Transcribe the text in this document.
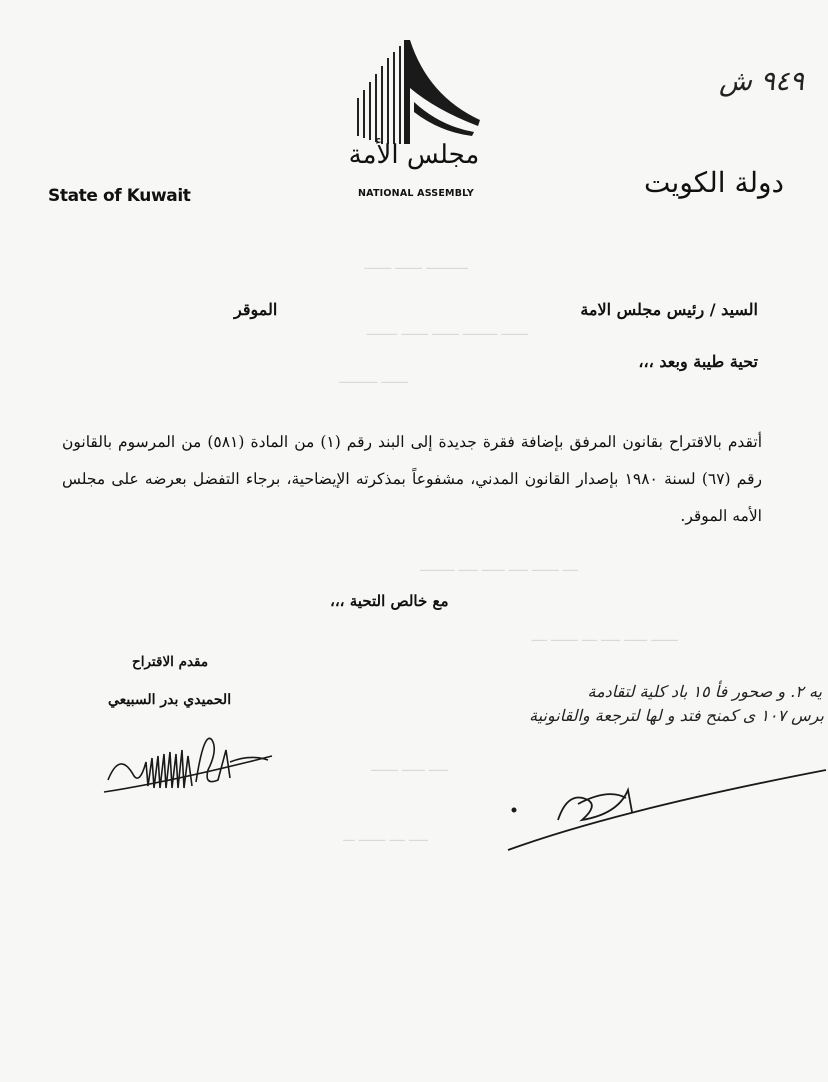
ـــــــــــ ـــــــ ـــــــ
ـــــــ ـــــــــ ـــــــ ـــــــ ــــــــ
ـــــــ ــــــــــ
ــــ ـــــــ ـــــ ــــــ ـــــ ـــــــــ
ـــــــ ــــــ ـــــ ــــ ـــــــ ــــ
ـــــ ــــــ ـــــــ
ـــــ ــــ ـــــــ ـــ
State of Kuwait	دولة الكويت
٩٤٩ ش
مجلس الأمة
NATIONAL ASSEMBLY
السيد / رئيس مجلس الامة
الموقر
تحية طيبة وبعد ،،،
أتقدم بالاقتراح بقانون المرفق بإضافة فقرة جديدة إلى البند رقم (١) من المادة (٥٨١) من المرسوم بالقانون رقم (٦٧) لسنة ١٩٨٠ بإصدار القانون المدني، مشفوعاً بمذكرته الإيضاحية، برجاء التفضل بعرضه على مجلس الأمه الموقر.
مع خالص التحية ،،،
مقدم الاقتراح
الحميدي بدر السبيعي	يه ٢. و صحور فأ ١٥ باد كلية لتقادمة
برس ١٠٧ ى كمنح فتد و لها لترجعة والقانونية
